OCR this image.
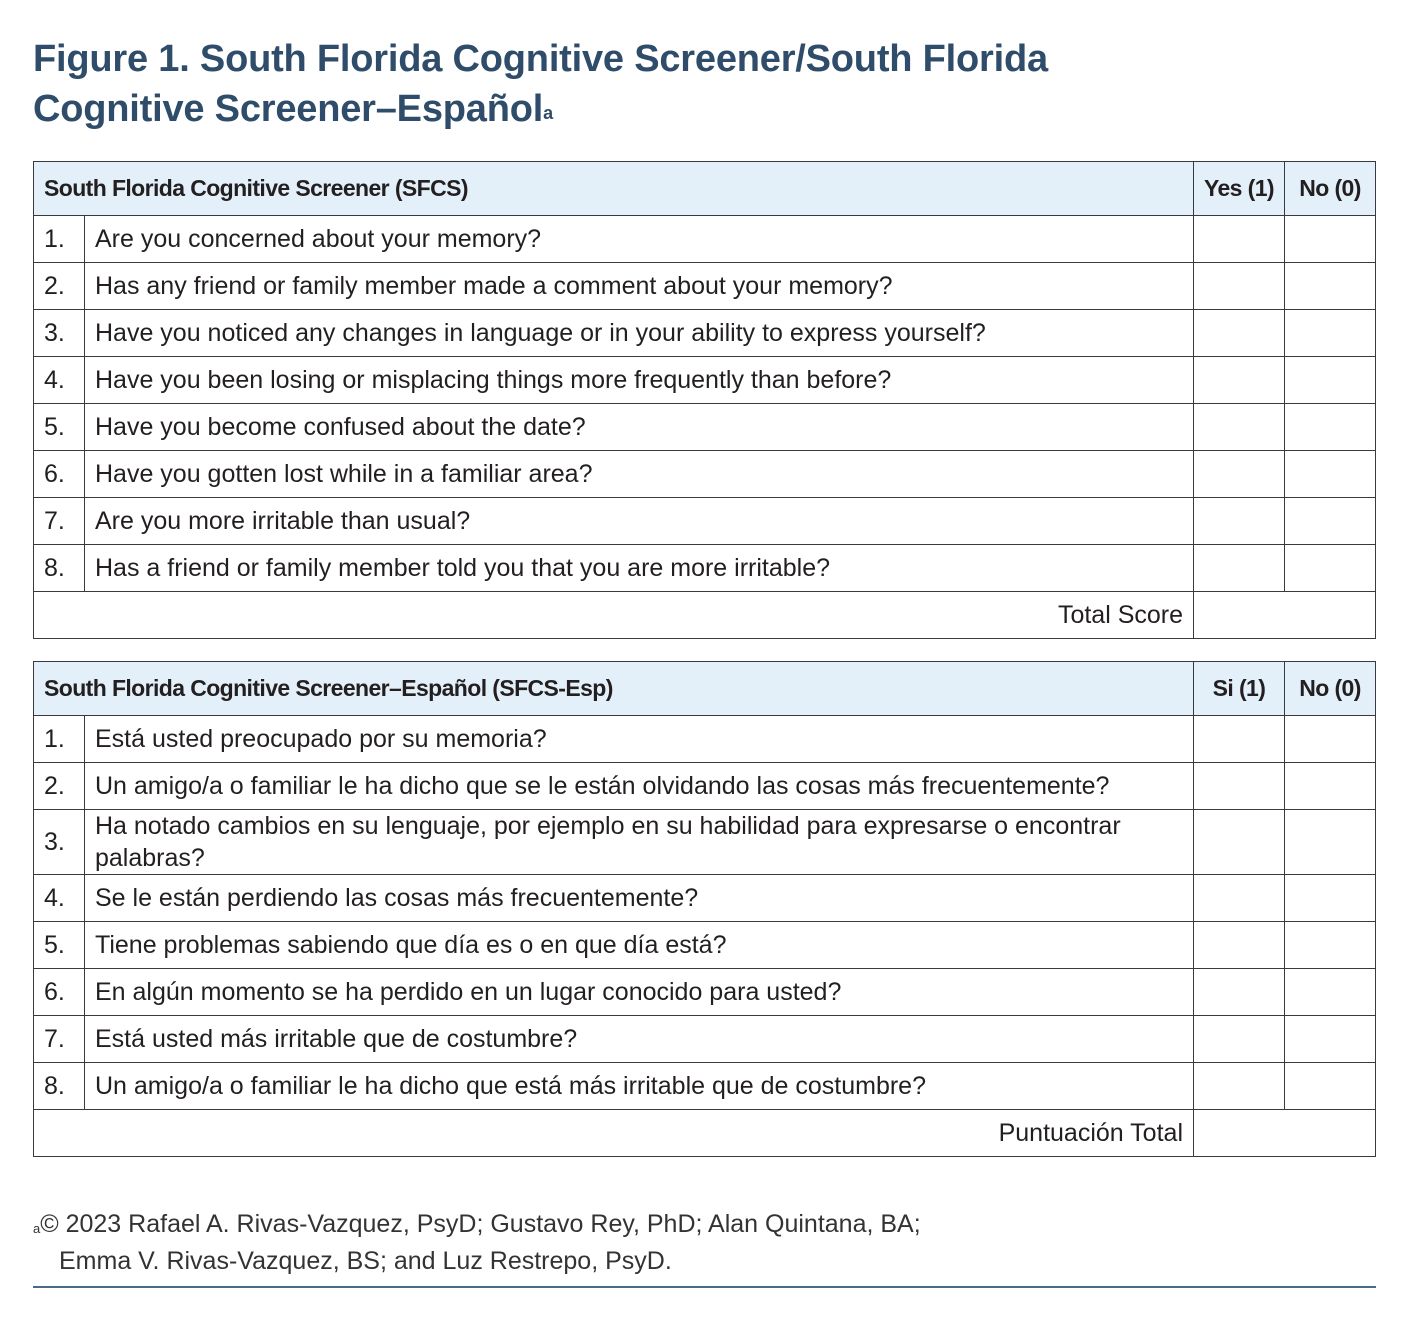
Figure 1. South Florida Cognitive Screener/South Florida
Cognitive Screener–Español$^a$
South Florida Cognitive Screener (SFCS)		Yes (1)	No (0)
1.	Are you concerned about your memory?		
2.	Has any friend or family member made a comment about your memory?		
3.	Have you noticed any changes in language or in your ability to express yourself?		
4.	Have you been losing or misplacing things more frequently than before?		
5.	Have you become confused about the date?		
6.	Have you gotten lost while in a familiar area?		
7.	Are you more irritable than usual?		
8.	Has a friend or family member told you that you are more irritable?		
Total Score			
South Florida Cognitive Screener–Español (SFCS-Esp)		Si (1)	No (0)
1.	Está usted preocupado por su memoria?		
2.	Un amigo/a o familiar le ha dicho que se le están olvidando las cosas más frecuentemente?		
3.	Ha notado cambios en su lenguaje, por ejemplo en su habilidad para expresarse o encontrar palabras?		
4.	Se le están perdiendo las cosas más frecuentemente?		
5.	Tiene problemas sabiendo que día es o en que día está?		
6.	En algún momento se ha perdido en un lugar conocido para usted?		
7.	Está usted más irritable que de costumbre?		
8.	Un amigo/a o familiar le ha dicho que está más irritable que de costumbre?		
Puntuación Total			
$^a$© 2023 Rafael A. Rivas-Vazquez, PsyD; Gustavo Rey, PhD; Alan Quintana, BA;
Emma V. Rivas-Vazquez, BS; and Luz Restrepo, PsyD.
